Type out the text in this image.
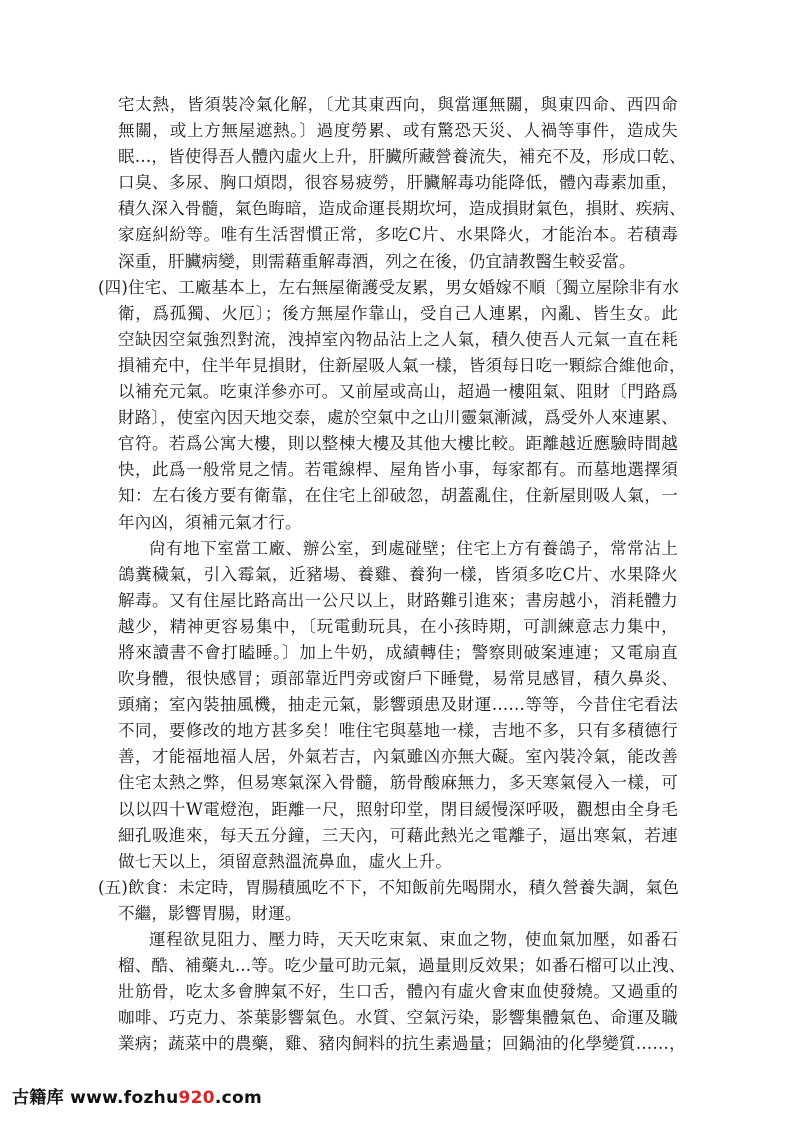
宅太熱，皆須裝冷氣化解，〔尤其東西向，與當運無關，與東四命、西四命
無關，或上方無屋遮熱。〕過度勞累、或有驚恐天災、人禍等事件，造成失
眠…，皆使得吾人體內虛火上升，肝臟所藏營養流失，補充不及，形成口乾、
口臭、多尿、胸口煩悶，很容易疲勞，肝臟解毒功能降低，體內毒素加重，
積久深入骨髓，氣色晦暗，造成命運長期坎坷，造成損財氣色，損財、疾病、
家庭糾紛等。唯有生活習慣正常，多吃C片、水果降火，才能治本。若積毒
深重，肝臟病變，則需藉重解毒酒，列之在後，仍宜請教醫生較妥當。
(四)住宅、工廠基本上，左右無屋衛護受友累，男女婚嫁不順〔獨立屋除非有水
衛，爲孤獨、火厄〕；後方無屋作靠山，受自己人連累，內亂、皆生女。此
空缺因空氣強烈對流，洩掉室內物品沾上之人氣，積久使吾人元氣一直在耗
損補充中，住半年見損財，住新屋吸人氣一樣，皆須每日吃一顆綜合維他命，
以補充元氣。吃東洋參亦可。又前屋或高山，超過一樓阻氣、阻財〔門路爲
財路〕，使室內因天地交泰，處於空氣中之山川靈氣漸減，爲受外人來連累、
官符。若爲公寓大樓，則以整棟大樓及其他大樓比較。距離越近應驗時間越
快，此爲一般常見之情。若電線桿、屋角皆小事，每家都有。而墓地選擇須
知：左右後方要有衛靠，在住宅上卻破忽，胡蓋亂住，住新屋則吸人氣，一
年內凶，須補元氣才行。
尙有地下室當工廠、辦公室，到處碰壁；住宅上方有養鴿子，常常沾上
鴿糞穢氣，引入霉氣，近豬場、養雞、養狗一樣，皆須多吃C片、水果降火
解毒。又有住屋比路高出一公尺以上，財路難引進來；書房越小，消耗體力
越少，精神更容易集中，〔玩電動玩具，在小孩時期，可訓練意志力集中，
將來讀書不會打瞌睡。〕加上牛奶，成績轉佳；警察則破案連連；又電扇直
吹身體，很快感冒；頭部靠近門旁或窗戶下睡覺，易常見感冒，積久鼻炎、
頭痛；室內裝抽風機，抽走元氣，影響頭患及財運……等等，今昔住宅看法
不同，要修改的地方甚多矣！唯住宅與墓地一樣，吉地不多，只有多積德行
善，才能福地福人居，外氣若吉，內氣雖凶亦無大礙。室內裝冷氣，能改善
住宅太熱之弊，但易寒氣深入骨髓，筋骨酸麻無力，多天寒氣侵入一樣，可
以以四十W電燈泡，距離一尺，照射印堂，閉目緩慢深呼吸，觀想由全身毛
細孔吸進來，每天五分鐘，三天內，可藉此熱光之電離子，逼出寒氣，若連
做七天以上，須留意熱溫流鼻血，虛火上升。
(五)飲食：未定時，胃腸積風吃不下，不知飯前先喝開水，積久營養失調，氣色
不繼，影響胃腸，財運。
運程欲見阻力、壓力時，天天吃束氣、束血之物，使血氣加壓，如番石
榴、酷、補藥丸...等。吃少量可助元氣，過量則反效果；如番石榴可以止洩、
壯筋骨，吃太多會脾氣不好，生口舌，體內有虛火會束血使發燒。又過重的
咖啡、巧克力、茶葉影響氣色。水質、空氣污染，影響集體氣色、命運及職
業病；蔬菜中的農藥，雞、豬肉飼料的抗生素過量；回鍋油的化學變質……，
古籍库 www.fozhu920.com
